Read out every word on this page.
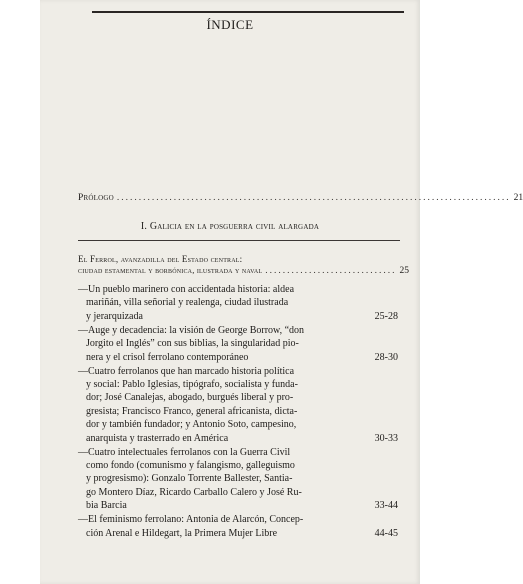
ÍNDICE
Prólogo .......................................................................................... 21
I. Galicia en la posguerra civil alargada
El Ferrol, avanzadilla del Estado central:
ciudad estamental y borbónica, ilustrada y naval .............................. 25
—Un pueblo marinero con accidentada historia: aldea
mariñán, villa señorial y realenga, ciudad ilustrada
y jerarquizada	25-28
—Auge y decadencia: la visión de George Borrow, “don
Jorgito el Inglés” con sus biblias, la singularidad pio-
nera y el crisol ferrolano contemporáneo	28-30
—Cuatro ferrolanos que han marcado historia política
y social: Pablo Iglesias, tipógrafo, socialista y funda-
dor; José Canalejas, abogado, burgués liberal y pro-
gresista; Francisco Franco, general africanista, dicta-
dor y también fundador; y Antonio Soto, campesino,
anarquista y trasterrado en América	30-33
—Cuatro intelectuales ferrolanos con la Guerra Civil
como fondo (comunismo y falangismo, galleguismo
y progresismo): Gonzalo Torrente Ballester, Santia-
go Montero Díaz, Ricardo Carballo Calero y José Ru-
bia Barcia	33-44
—El feminismo ferrolano: Antonia de Alarcón, Concep-
ción Arenal e Hildegart, la Primera Mujer Libre	44-45
